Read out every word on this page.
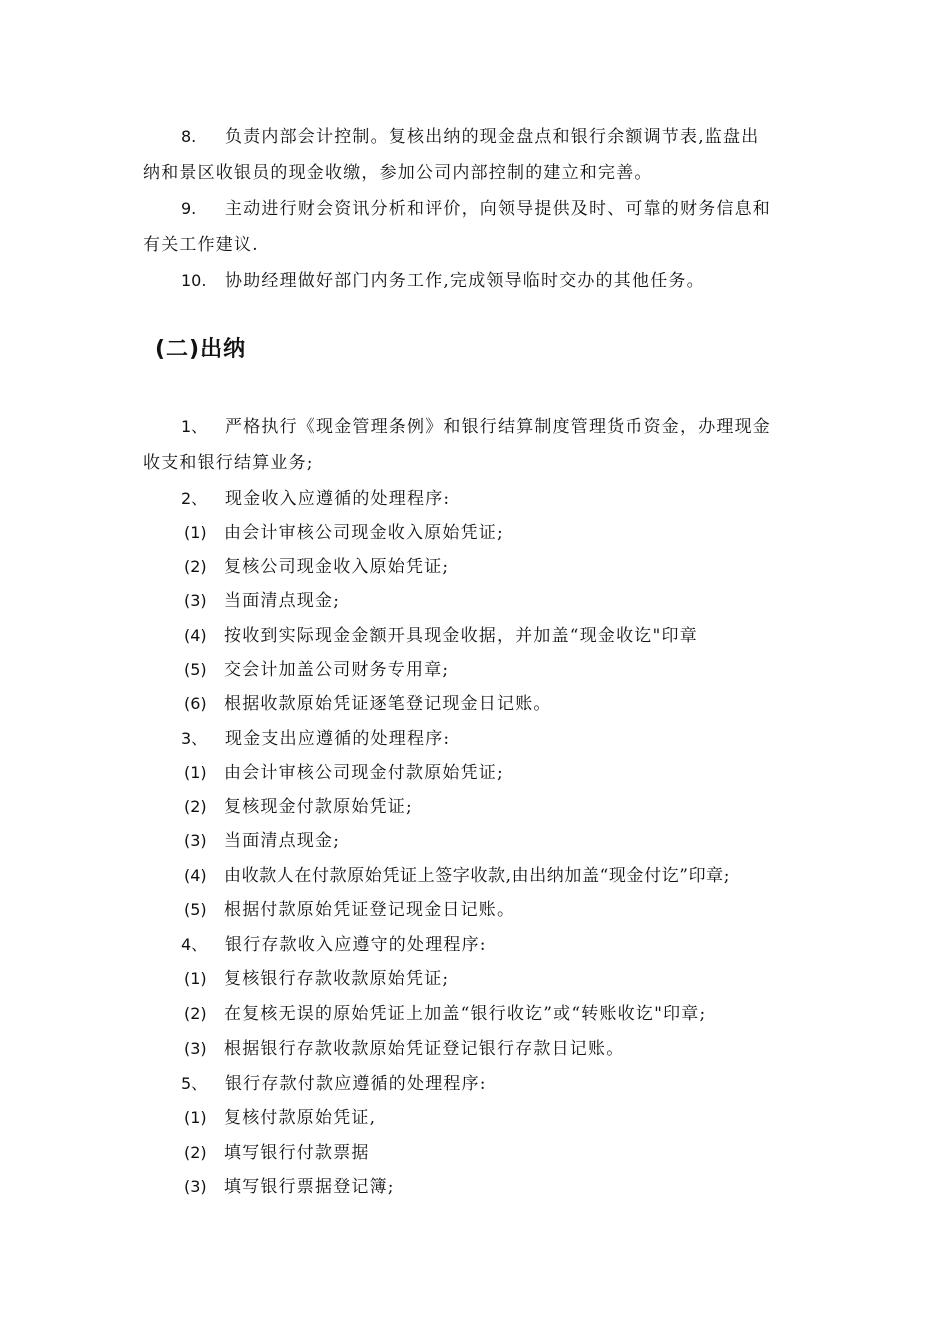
8. 负责内部会计控制。复核出纳的现金盘点和银行余额调节表,监盘出
纳和景区收银员的现金收缴，参加公司内部控制的建立和完善。
9. 主动进行财会资讯分析和评价，向领导提供及时、可靠的财务信息和
有关工作建议.
10. 协助经理做好部门内务工作,完成领导临时交办的其他任务。
(二)出纳
1、 严格执行《现金管理条例》和银行结算制度管理货币资金，办理现金
收支和银行结算业务;
2、 现金收入应遵循的处理程序:
(1) 由会计审核公司现金收入原始凭证;
(2) 复核公司现金收入原始凭证;
(3) 当面清点现金;
(4) 按收到实际现金金额开具现金收据，并加盖“现金收讫"印章
(5) 交会计加盖公司财务专用章;
(6) 根据收款原始凭证逐笔登记现金日记账。
3、 现金支出应遵循的处理程序:
(1) 由会计审核公司现金付款原始凭证;
(2) 复核现金付款原始凭证;
(3) 当面清点现金;
(4) 由收款人在付款原始凭证上签字收款,由出纳加盖“现金付讫”印章;
(5) 根据付款原始凭证登记现金日记账。
4、 银行存款收入应遵守的处理程序:
(1) 复核银行存款收款原始凭证;
(2) 在复核无误的原始凭证上加盖“银行收讫”或“转账收讫"印章;
(3) 根据银行存款收款原始凭证登记银行存款日记账。
5、 银行存款付款应遵循的处理程序:
(1) 复核付款原始凭证,
(2) 填写银行付款票据
(3) 填写银行票据登记簿;
